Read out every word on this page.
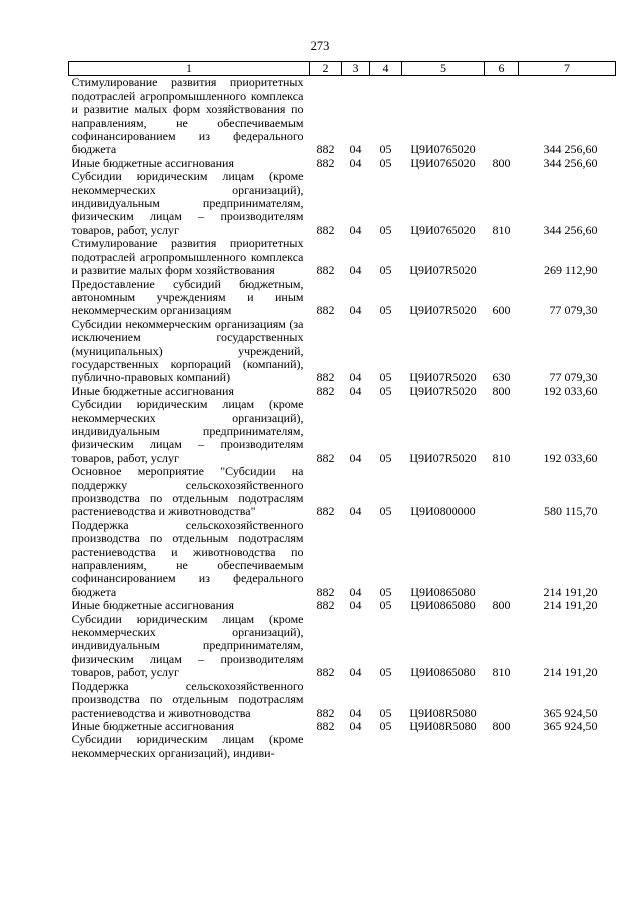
273
1	2	3	4	5	6	7
Стимулирование развития приоритетных подотраслей агропромышленного комплекса и развитие малых форм хозяйствования по направлениям, не обеспечиваемым софинансированием из федерального бюджета	882	04	05	Ц9И0765020		344 256,60
Иные бюджетные ассигнования	882	04	05	Ц9И0765020	800	344 256,60
Субсидии юридическим лицам (кроме некоммерческих организаций), индивидуальным предпринимателям, физическим лицам – производителям товаров, работ, услуг	882	04	05	Ц9И0765020	810	344 256,60
Стимулирование развития приоритетных подотраслей агропромышленного комплекса и развитие малых форм хозяйствования	882	04	05	Ц9И07R5020		269 112,90
Предоставление субсидий бюджетным, автономным учреждениям и иным некоммерческим организациям	882	04	05	Ц9И07R5020	600	77 079,30
Субсидии некоммерческим организациям (за исключением государственных (муниципальных) учреждений, государственных корпораций (компаний), публично-правовых компаний)	882	04	05	Ц9И07R5020	630	77 079,30
Иные бюджетные ассигнования	882	04	05	Ц9И07R5020	800	192 033,60
Субсидии юридическим лицам (кроме некоммерческих организаций), индивидуальным предпринимателям, физическим лицам – производителям товаров, работ, услуг	882	04	05	Ц9И07R5020	810	192 033,60
Основное мероприятие "Субсидии на поддержку сельскохозяйственного производства по отдельным подотраслям растениеводства и животноводства"	882	04	05	Ц9И0800000		580 115,70
Поддержка сельскохозяйственного производства по отдельным подотраслям растениеводства и животноводства по направлениям, не обеспечиваемым софинансированием из федерального бюджета	882	04	05	Ц9И0865080		214 191,20
Иные бюджетные ассигнования	882	04	05	Ц9И0865080	800	214 191,20
Субсидии юридическим лицам (кроме некоммерческих организаций), индивидуальным предпринимателям, физическим лицам – производителям товаров, работ, услуг	882	04	05	Ц9И0865080	810	214 191,20
Поддержка сельскохозяйственного производства по отдельным подотраслям растениеводства и животноводства	882	04	05	Ц9И08R5080		365 924,50
Иные бюджетные ассигнования	882	04	05	Ц9И08R5080	800	365 924,50
Субсидии юридическим лицам (кроме некоммерческих организаций), индиви-						
